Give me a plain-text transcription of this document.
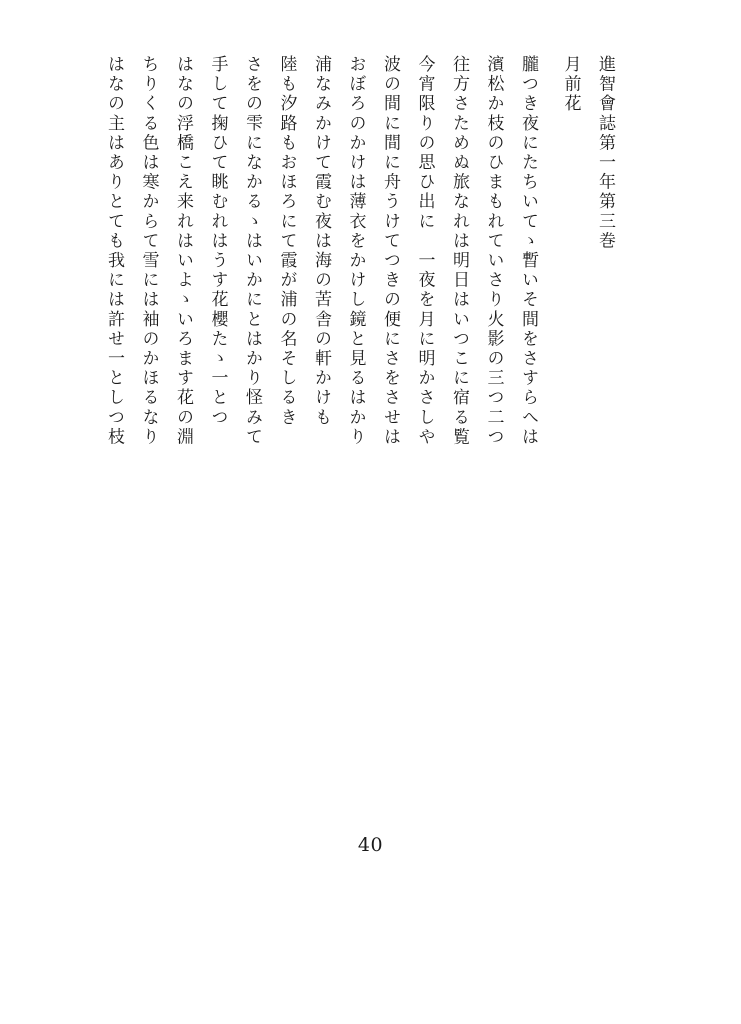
進智會誌第一年第三巻
月前花
朧つき夜にたちいてゝ
暫いそ間をさすらへは
濱松か枝のひまもれて
いさり火影の三つ二つ
往方さためぬ旅なれは
明日はいつこに宿る覧
今宵限りの思ひ出に
一夜を月に明かさしや
波の間に間に舟うけて
つきの便にさをさせは
おぼろのかけは薄衣を
かけし鏡と見るはかり
浦なみかけて霞む夜は
海の苦舎の軒かけも
陸も汐路もおほろにて
霞が浦の名そしるき
さをの雫になかるゝは
いかにとはかり怪みて
手して掬ひて眺むれは
うす花櫻たゝ一とつ
はなの浮橋こえ来れは
いよゝいろます花の淵
ちりくる色は寒からて
雪には袖のかほるなり
はなの主はありとても
我には許せ一としつ枝
40
